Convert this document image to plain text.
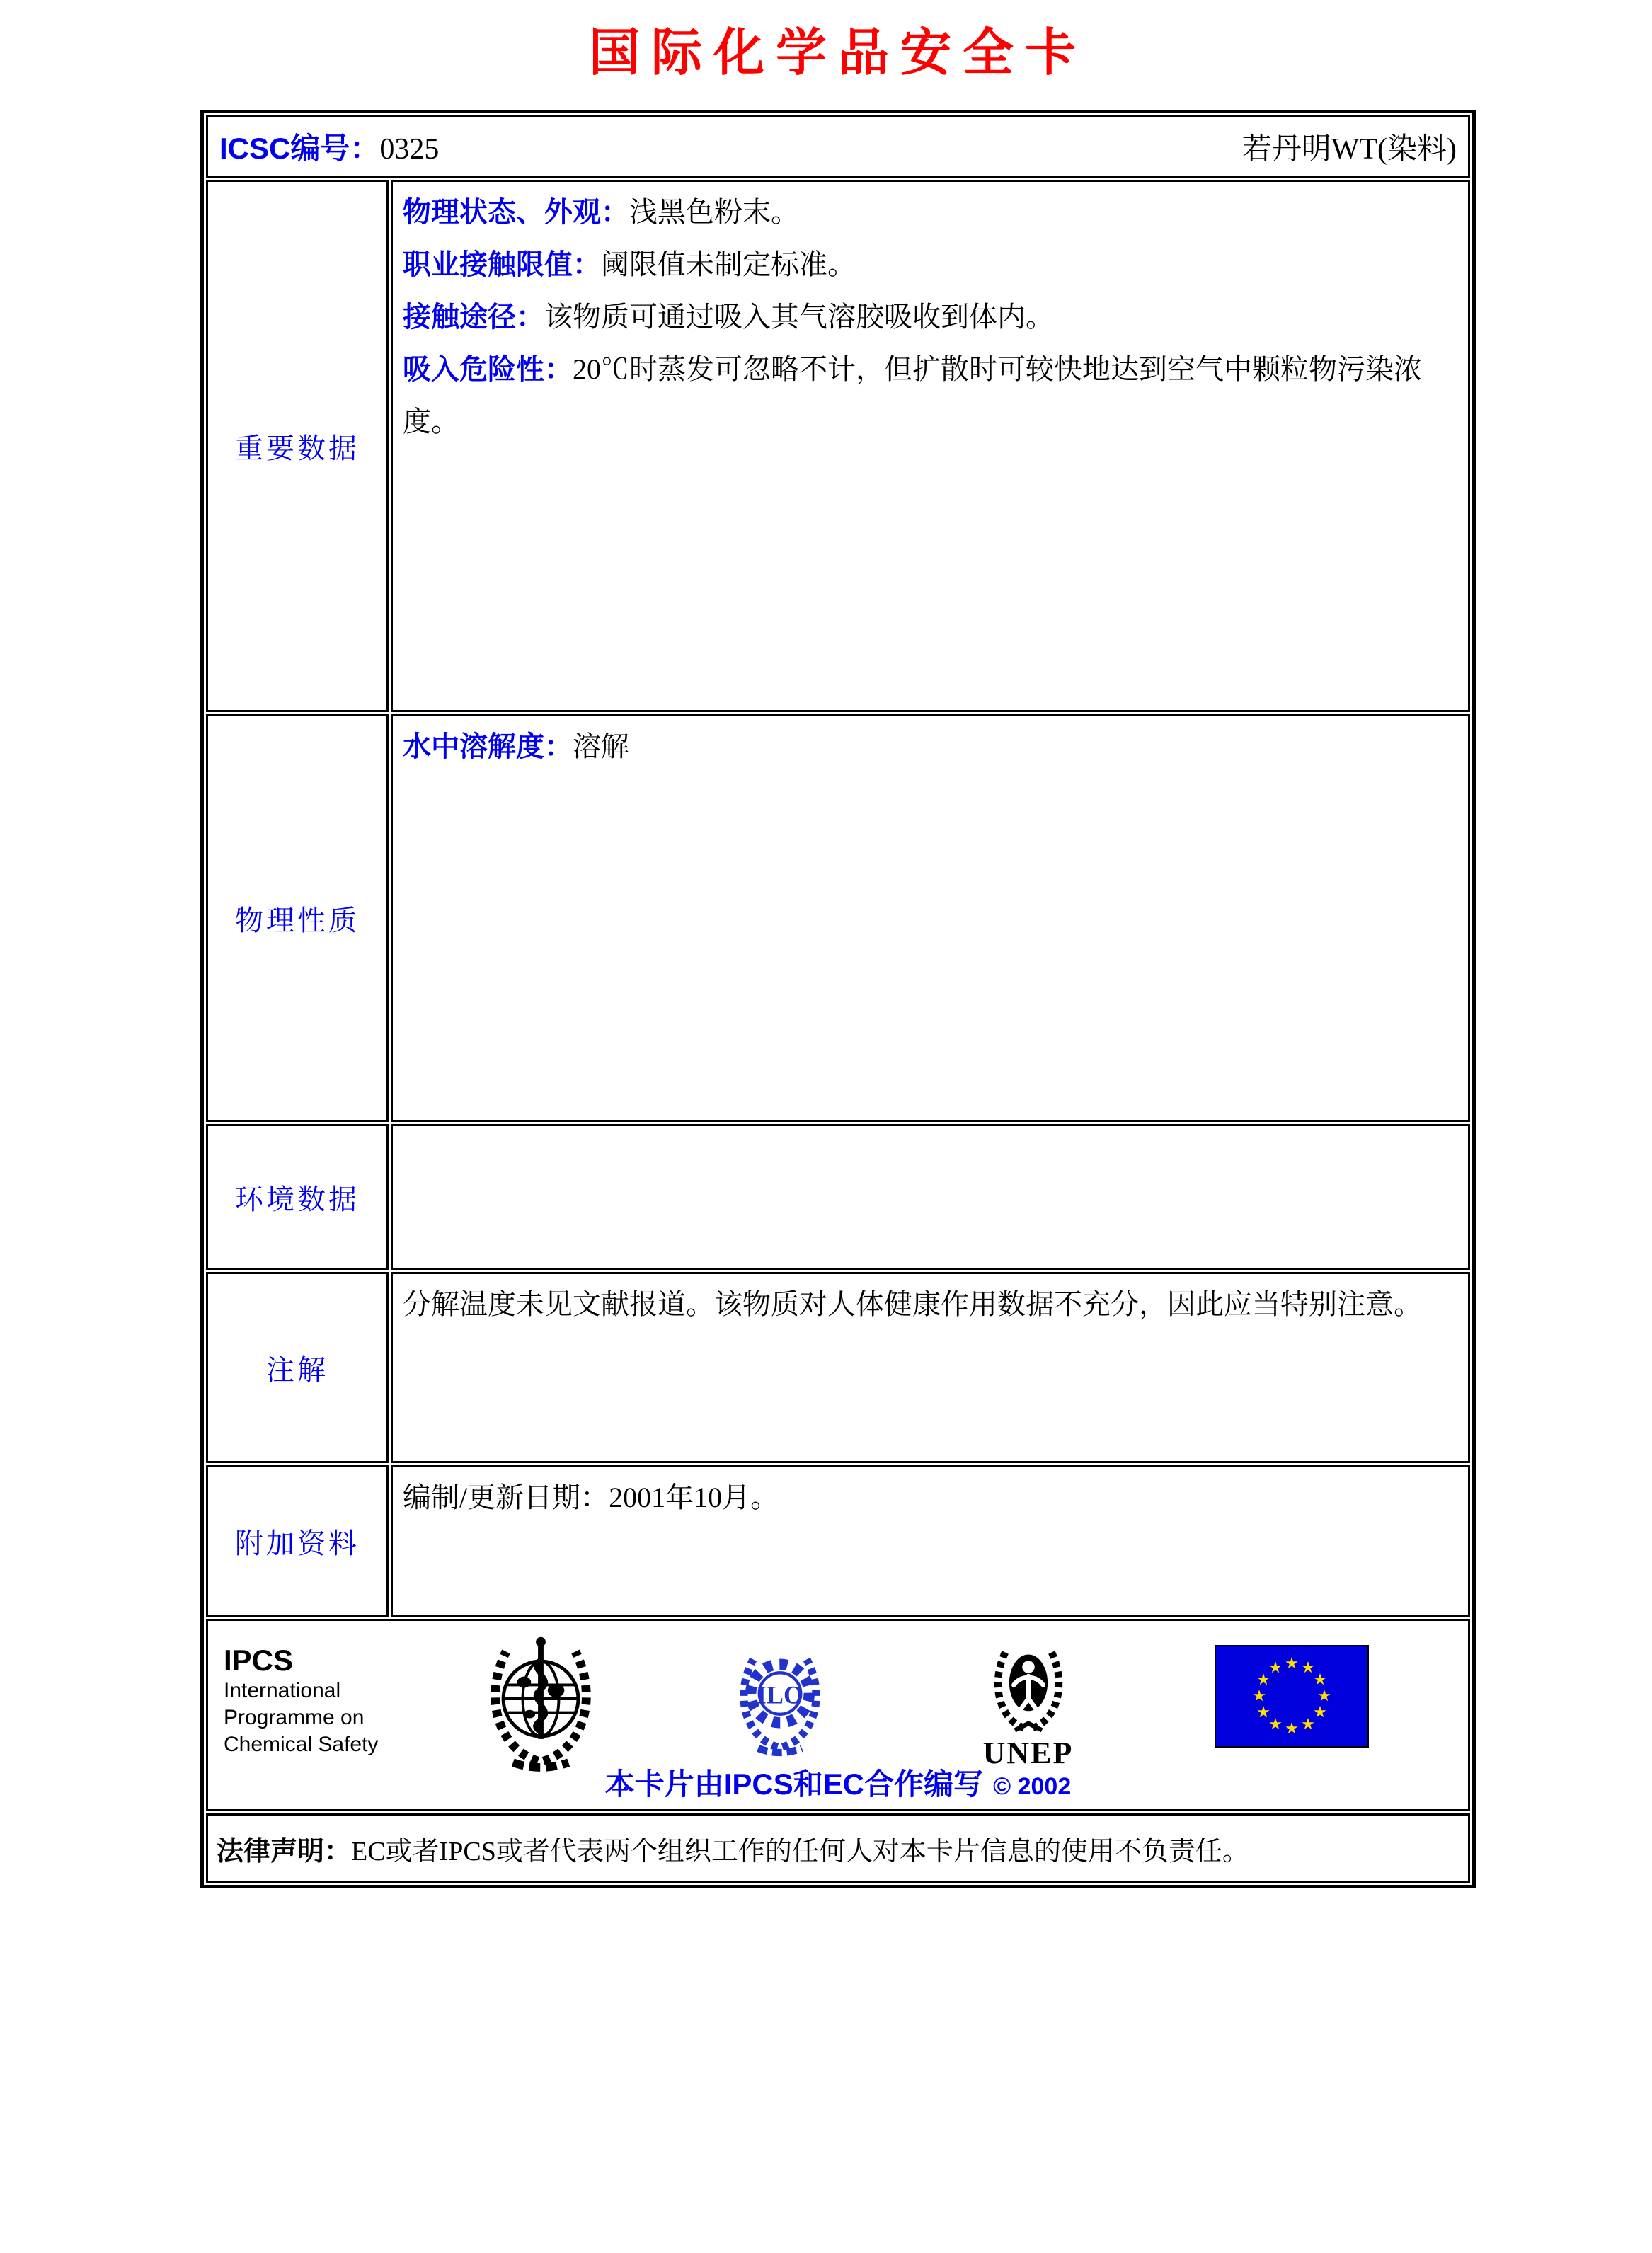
国际化学品安全卡
ICSC编号：0325	若丹明WT(染料)
重要数据

物理状态、外观：浅黑色粉末。

职业接触限值：阈限值未制定标准。

接触途径：该物质可通过吸入其气溶胶吸收到体内。

吸入危险性：20℃时蒸发可忽略不计，但扩散时可较快地达到空气中颗粒物污染浓度。

物理性质

水中溶解度：溶解

环境数据
注解

分解温度未见文献报道。该物质对人体健康作用数据不充分，因此应当特别注意。

附加资料

编制/更新日期：2001年10月。

IPCS
International
Programme on
Chemical Safety
ILO
UNEP
本卡片由IPCS和EC合作编写 © 2002
法律声明： EC或者IPCS或者代表两个组织工作的任何人对本卡片信息的使用不负责任。
